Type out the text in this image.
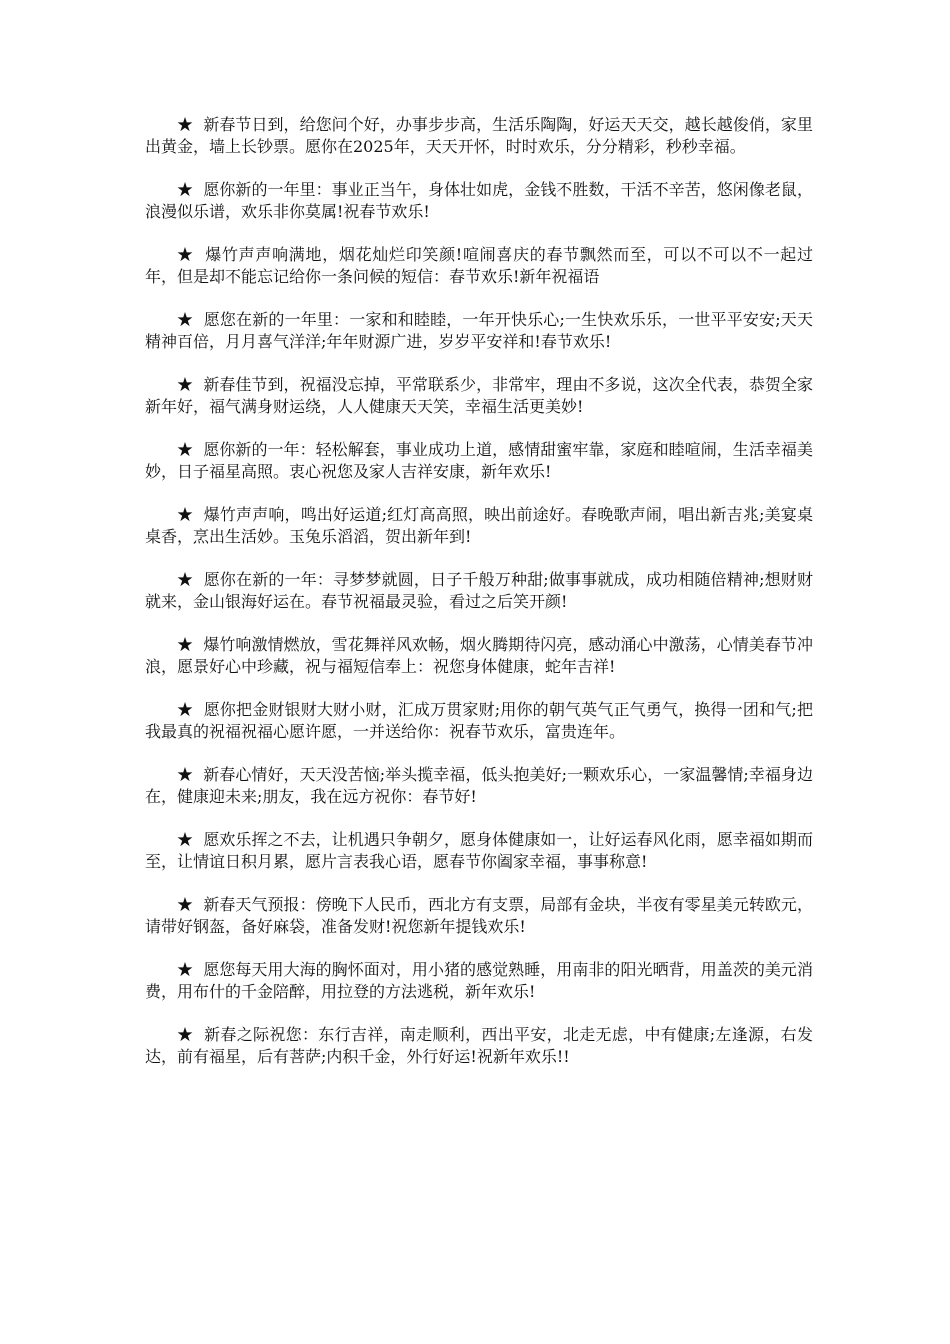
★ 新春节日到，给您问个好，办事步步高，生活乐陶陶，好运天天交，越长越俊俏，家里出黄金，墙上长钞票。愿你在2025年，天天开怀，时时欢乐，分分精彩，秒秒幸福。

★ 愿你新的一年里：事业正当午，身体壮如虎，金钱不胜数，干活不辛苦，悠闲像老鼠，浪漫似乐谱，欢乐非你莫属!祝春节欢乐!

★ 爆竹声声响满地，烟花灿烂印笑颜!喧闹喜庆的春节飘然而至，可以不可以不一起过年，但是却不能忘记给你一条问候的短信：春节欢乐!新年祝福语

★ 愿您在新的一年里：一家和和睦睦，一年开快乐心;一生快欢乐乐，一世平平安安;天天精神百倍，月月喜气洋洋;年年财源广进，岁岁平安祥和!春节欢乐!

★ 新春佳节到，祝福没忘掉，平常联系少，非常牢，理由不多说，这次全代表，恭贺全家新年好，福气满身财运绕，人人健康天天笑，幸福生活更美妙!

★ 愿你新的一年：轻松解套，事业成功上道，感情甜蜜牢靠，家庭和睦喧闹，生活幸福美妙，日子福星高照。衷心祝您及家人吉祥安康，新年欢乐!

★ 爆竹声声响，鸣出好运道;红灯高高照，映出前途好。春晚歌声闹，唱出新吉兆;美宴桌桌香，烹出生活妙。玉兔乐滔滔，贺出新年到!

★ 愿你在新的一年：寻梦梦就圆，日子千般万种甜;做事事就成，成功相随倍精神;想财财就来，金山银海好运在。春节祝福最灵验，看过之后笑开颜!

★ 爆竹响激情燃放，雪花舞祥风欢畅，烟火腾期待闪亮，感动涌心中激荡，心情美春节冲浪，愿景好心中珍藏，祝与福短信奉上：祝您身体健康，蛇年吉祥!

★ 愿你把金财银财大财小财，汇成万贯家财;用你的朝气英气正气勇气，换得一团和气;把我最真的祝福祝福心愿许愿，一并送给你：祝春节欢乐，富贵连年。

★ 新春心情好，天天没苦恼;举头揽幸福，低头抱美好;一颗欢乐心，一家温馨情;幸福身边在，健康迎未来;朋友，我在远方祝你：春节好!

★ 愿欢乐挥之不去，让机遇只争朝夕，愿身体健康如一，让好运春风化雨，愿幸福如期而至，让情谊日积月累，愿片言表我心语，愿春节你阖家幸福，事事称意!

★ 新春天气预报：傍晚下人民币，西北方有支票，局部有金块，半夜有零星美元转欧元，请带好钢盔，备好麻袋，准备发财!祝您新年提钱欢乐!

★ 愿您每天用大海的胸怀面对，用小猪的感觉熟睡，用南非的阳光晒背，用盖茨的美元消费，用布什的千金陪醉，用拉登的方法逃税，新年欢乐!

★ 新春之际祝您：东行吉祥，南走顺利，西出平安，北走无虑，中有健康;左逢源，右发达，前有福星，后有菩萨;内积千金，外行好运!祝新年欢乐!!
